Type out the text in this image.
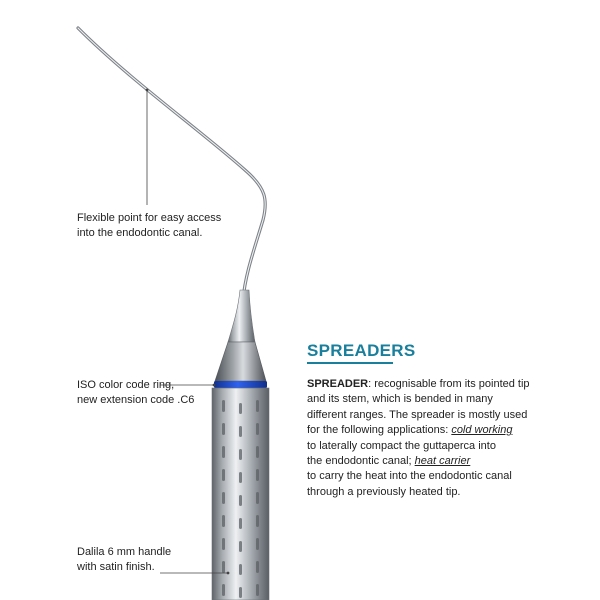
Flexible point for easy access
into the endodontic canal.
ISO color code ring,
new extension code .C6
Dalila 6 mm handle
with satin finish.
SPREADERS
SPREADER: recognisable from its pointed tip
and its stem, which is bended in many
different ranges. The spreader is mostly used
for the following applications: cold working
to laterally compact the guttaperca into
the endodontic canal; heat carrier
to carry the heat into the endodontic canal
through a previously heated tip.
